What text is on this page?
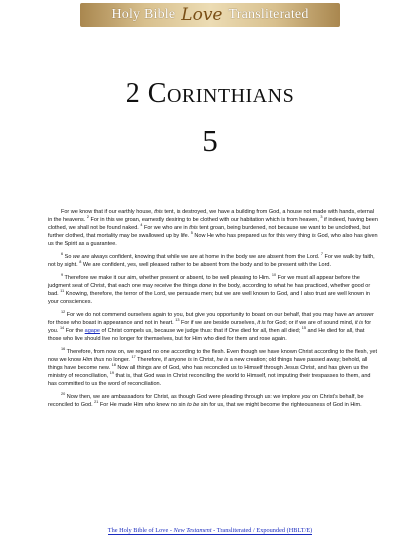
Holy Bible Love Transliterated
2 Corinthians
5

For we know that if our earthly house, this tent, is destroyed, we have a building from God, a house not made with hands, eternal in the heavens. $^2$ For in this we groan, earnestly desiring to be clothed with our habitation which is from heaven, $^3$ if indeed, having been clothed, we shall not be found naked. $^4$ For we who are in this tent groan, being burdened, not because we want to be unclothed, but further clothed, that mortality may be swallowed up by life. $^5$ Now He who has prepared us for this very thing is God, who also has given us the Spirit as a guarantee.

$^6$ So we are always confident, knowing that while we are at home in the body we are absent from the Lord. $^7$ For we walk by faith, not by sight. $^8$ We are confident, yes, well pleased rather to be absent from the body and to be present with the Lord.

$^9$ Therefore we make it our aim, whether present or absent, to be well pleasing to Him. $^{10}$ For we must all appear before the judgment seat of Christ, that each one may receive the things done in the body, according to what he has practiced, whether good or bad. $^{11}$ Knowing, therefore, the terror of the Lord, we persuade men; but we are well known to God, and I also trust are well known in your consciences.

$^{12}$ For we do not commend ourselves again to you, but give you opportunity to boast on our behalf, that you may have an answer for those who boast in appearance and not in heart. $^{13}$ For if we are beside ourselves, it is for God; or if we are of sound mind, it is for you. $^{14}$ For the agape of Christ compels us, because we judge thus: that if One died for all, then all died; $^{15}$ and He died for all, that those who live should live no longer for themselves, but for Him who died for them and rose again.

$^{16}$ Therefore, from now on, we regard no one according to the flesh. Even though we have known Christ according to the flesh, yet now we know Him thus no longer. $^{17}$ Therefore, if anyone is in Christ, he is a new creation; old things have passed away; behold, all things have become new. $^{18}$ Now all things are of God, who has reconciled us to Himself through Jesus Christ, and has given us the ministry of reconciliation, $^{19}$ that is, that God was in Christ reconciling the world to Himself, not imputing their trespasses to them, and has committed to us the word of reconciliation.

$^{20}$ Now then, we are ambassadors for Christ, as though God were pleading through us: we implore you on Christ’s behalf, be reconciled to God. $^{21}$ For He made Him who knew no sin to be sin for us, that we might become the righteousness of God in Him.

The Holy Bible of Love - New Testament - Transliterated / Expounded (HBLT/E)
